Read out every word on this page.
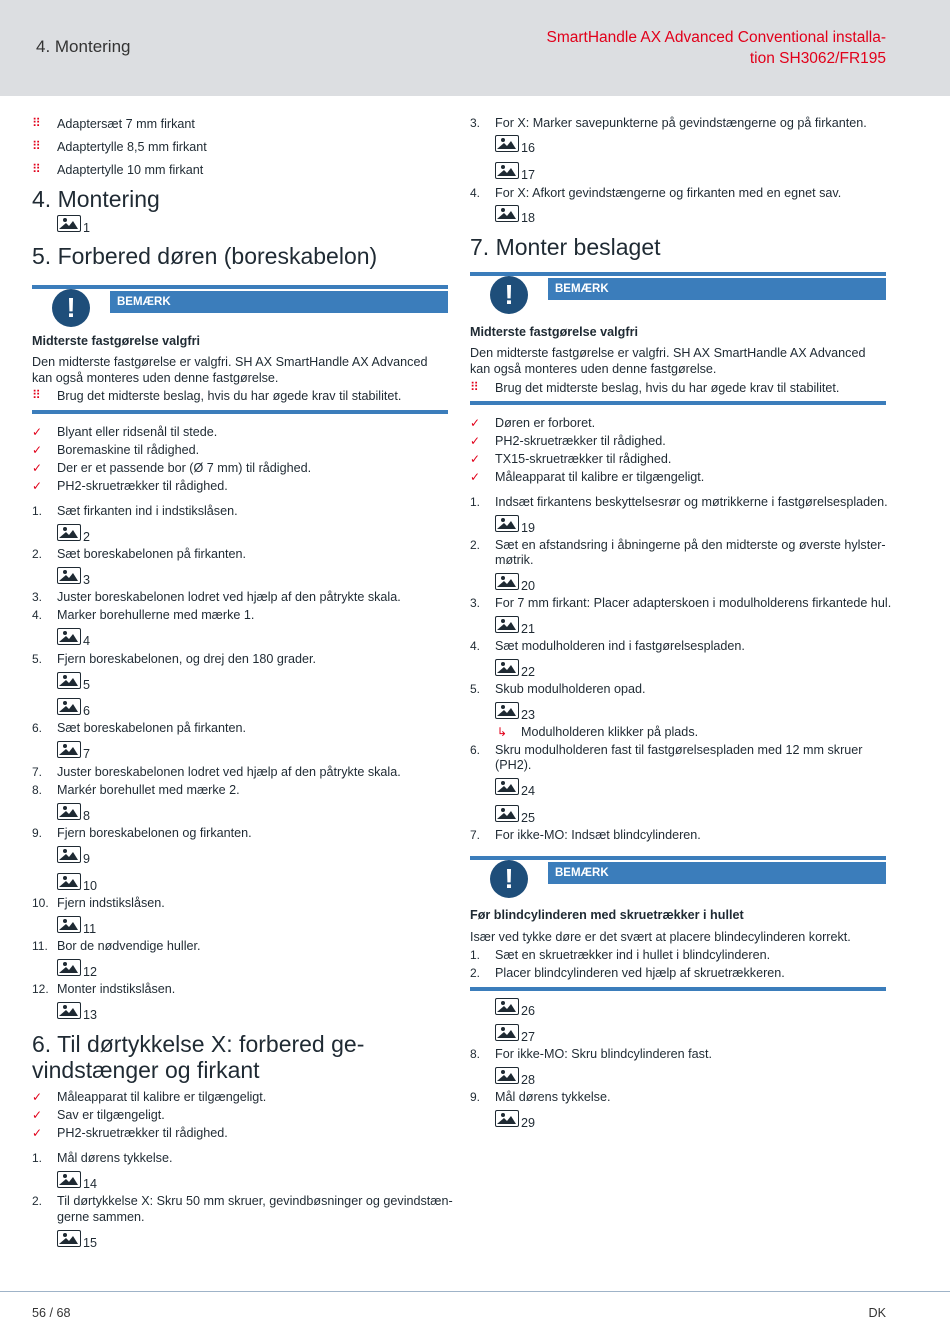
4. Montering	SmartHandle AX Advanced Conventional installa-
tion SH3062/FR195
⠿ Adaptersæt 7 mm firkant
⠿ Adaptertylle 8,5 mm firkant
⠿ Adaptertylle 10 mm firkant
4. Montering
1
5. Forbered døren (boreskabelon)
!	BEMÆRK
Midterste fastgørelse valgfri
Den midterste fastgørelse er valgfri. SH AX SmartHandle AX Advanced kan også monteres uden denne fastgørelse.
⠿ Brug det midterste beslag, hvis du har øgede krav til stabilitet.
✓ Blyant eller ridsenål til stede.
✓ Boremaskine til rådighed.
✓ Der er et passende bor (Ø 7 mm) til rådighed.
✓ PH2-skruetrækker til rådighed.
1. Sæt firkanten ind i indstikslåsen.
2
2. Sæt boreskabelonen på firkanten.
3
3. Juster boreskabelonen lodret ved hjælp af den påtrykte skala.
4. Marker borehullerne med mærke 1.
4
5. Fjern boreskabelonen, og drej den 180 grader.
5
6
6. Sæt boreskabelonen på firkanten.
7
7. Juster boreskabelonen lodret ved hjælp af den påtrykte skala.
8. Markér borehullet med mærke 2.
8
9. Fjern boreskabelonen og firkanten.
9
10
10. Fjern indstikslåsen.
11
11. Bor de nødvendige huller.
12
12. Monter indstikslåsen.
13
6. Til dørtykkelse X: forbered ge-
vindstænger og firkant
✓ Måleapparat til kalibre er tilgængeligt.
✓ Sav er tilgængeligt.
✓ PH2-skruetrækker til rådighed.
1. Mål dørens tykkelse.
14
2. Til dørtykkelse X: Skru 50 mm skruer, gevindbøsninger og gevindstæn-
gerne sammen.
15
3. For X: Marker savepunkterne på gevindstængerne og på firkanten.
16
17
4. For X: Afkort gevindstængerne og firkanten med en egnet sav.
18
7. Monter beslaget
!	BEMÆRK
Midterste fastgørelse valgfri
Den midterste fastgørelse er valgfri. SH AX SmartHandle AX Advanced kan også monteres uden denne fastgørelse.
⠿ Brug det midterste beslag, hvis du har øgede krav til stabilitet.
✓ Døren er forboret.
✓ PH2-skruetrækker til rådighed.
✓ TX15-skruetrækker til rådighed.
✓ Måleapparat til kalibre er tilgængeligt.
1. Indsæt firkantens beskyttelsesrør og møtrikkerne i fastgørelsespladen.
19
2. Sæt en afstandsring i åbningerne på den midterste og øverste hylster-
møtrik.
20
3. For 7 mm firkant: Placer adapterskoen i modulholderens firkantede hul.
21
4. Sæt modulholderen ind i fastgørelsespladen.
22
5. Skub modulholderen opad.
23
↳ Modulholderen klikker på plads.
6. Skru modulholderen fast til fastgørelsespladen med 12 mm skruer
(PH2).
24
25
7. For ikke-MO: Indsæt blindcylinderen.
!	BEMÆRK
Før blindcylinderen med skruetrækker i hullet
Især ved tykke døre er det svært at placere blindecylinderen korrekt.
1. Sæt en skruetrækker ind i hullet i blindcylinderen.
2. Placer blindcylinderen ved hjælp af skruetrækkeren.
26
27
8. For ikke-MO: Skru blindcylinderen fast.
28
9. Mål dørens tykkelse.
29
56 / 68	DK
